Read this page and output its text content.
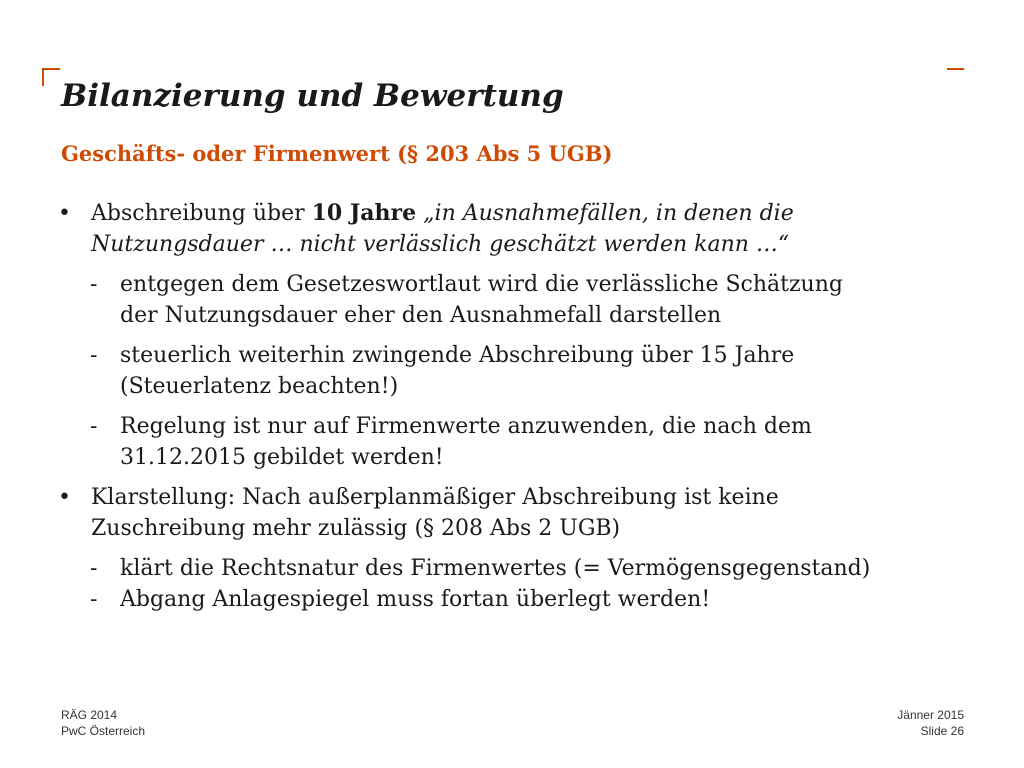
Bilanzierung und Bewertung
Geschäfts- oder Firmenwert (§ 203 Abs 5 UGB)
• Abschreibung über 10 Jahre „in Ausnahmefällen, in denen die
Nutzungsdauer … nicht verlässlich geschätzt werden kann …“
- entgegen dem Gesetzeswortlaut wird die verlässliche Schätzung
der Nutzungsdauer eher den Ausnahmefall darstellen
- steuerlich weiterhin zwingende Abschreibung über 15 Jahre
(Steuerlatenz beachten!)
- Regelung ist nur auf Firmenwerte anzuwenden, die nach dem
31.12.2015 gebildet werden!
• Klarstellung: Nach außerplanmäßiger Abschreibung ist keine
Zuschreibung mehr zulässig (§ 208 Abs 2 UGB)
- klärt die Rechtsnatur des Firmenwertes (= Vermögensgegenstand)
- Abgang Anlagespiegel muss fortan überlegt werden!
RÄG 2014
PwC Österreich
Jänner 2015
Slide 26
